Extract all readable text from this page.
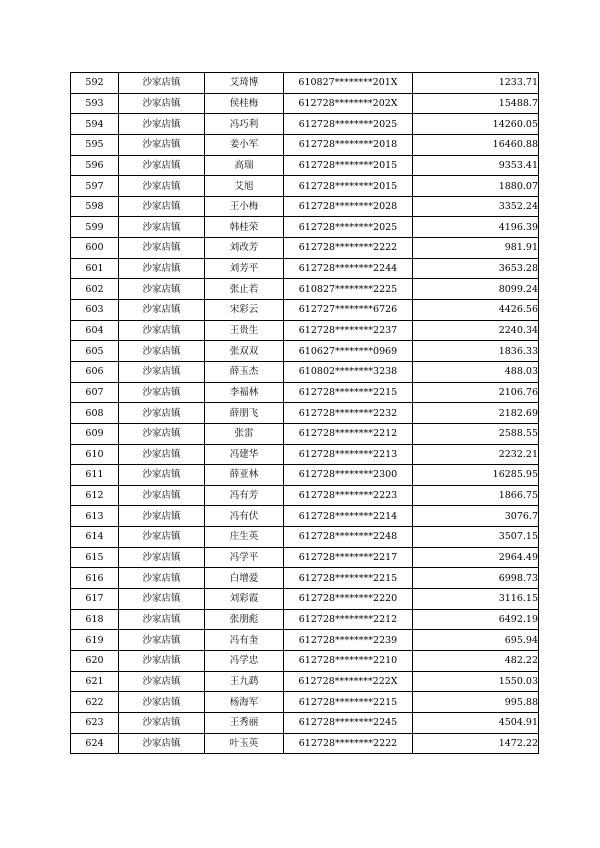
592	沙家店镇	艾琦博	610827********201X	1233.71
593	沙家店镇	侯桂梅	612728********202X	15488.7
594	沙家店镇	冯巧利	612728********2025	14260.05
595	沙家店镇	姜小军	612728********2018	16460.88
596	沙家店镇	高瑞	612728********2015	9353.41
597	沙家店镇	艾旭	612728********2015	1880.07
598	沙家店镇	王小梅	612728********2028	3352.24
599	沙家店镇	韩桂荣	612728********2025	4196.39
600	沙家店镇	刘改芳	612728********2222	981.91
601	沙家店镇	刘芳平	612728********2244	3653.28
602	沙家店镇	张止若	610827********2225	8099.24
603	沙家店镇	宋彩云	612727********6726	4426.56
604	沙家店镇	王贵生	612728********2237	2240.34
605	沙家店镇	张双双	610627********0969	1836.33
606	沙家店镇	薛玉杰	610802********3238	488.03
607	沙家店镇	李福林	612728********2215	2106.76
608	沙家店镇	薛朋飞	612728********2232	2182.69
609	沙家店镇	张雷	612728********2212	2588.55
610	沙家店镇	冯建华	612728********2213	2232.21
611	沙家店镇	薛亚林	612728********2300	16285.95
612	沙家店镇	冯有芳	612728********2223	1866.75
613	沙家店镇	冯有伏	612728********2214	3076.7
614	沙家店镇	庄生英	612728********2248	3507.15
615	沙家店镇	冯学平	612728********2217	2964.49
616	沙家店镇	白增爱	612728********2215	6998.73
617	沙家店镇	刘彩霞	612728********2220	3116.15
618	沙家店镇	张朋彪	612728********2212	6492.19
619	沙家店镇	冯有奎	612728********2239	695.94
620	沙家店镇	冯学忠	612728********2210	482.22
621	沙家店镇	王九鹞	612728********222X	1550.03
622	沙家店镇	杨海军	612728********2215	995.88
623	沙家店镇	王秀丽	612728********2245	4504.91
624	沙家店镇	叶玉英	612728********2222	1472.22
